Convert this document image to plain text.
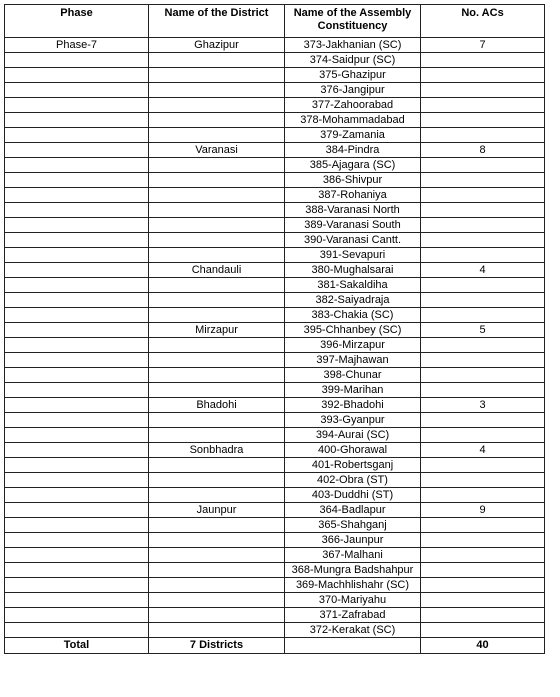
Phase	Name of the District	Name of the Assembly Constituency	No. ACs
Phase-7	Ghazipur	373-Jakhanian (SC)	7
		374-Saidpur (SC)	
		375-Ghazipur	
		376-Jangipur	
		377-Zahoorabad	
		378-Mohammadabad	
		379-Zamania	
	Varanasi	384-Pindra	8
		385-Ajagara (SC)	
		386-Shivpur	
		387-Rohaniya	
		388-Varanasi North	
		389-Varanasi South	
		390-Varanasi Cantt.	
		391-Sevapuri	
	Chandauli	380-Mughalsarai	4
		381-Sakaldiha	
		382-Saiyadraja	
		383-Chakia (SC)	
	Mirzapur	395-Chhanbey (SC)	5
		396-Mirzapur	
		397-Majhawan	
		398-Chunar	
		399-Marihan	
	Bhadohi	392-Bhadohi	3
		393-Gyanpur	
		394-Aurai (SC)	
	Sonbhadra	400-Ghorawal	4
		401-Robertsganj	
		402-Obra (ST)	
		403-Duddhi (ST)	
	Jaunpur	364-Badlapur	9
		365-Shahganj	
		366-Jaunpur	
		367-Malhani	
		368-Mungra Badshahpur	
		369-Machhlishahr (SC)	
		370-Mariyahu	
		371-Zafrabad	
		372-Kerakat (SC)	
Total	7 Districts		40
